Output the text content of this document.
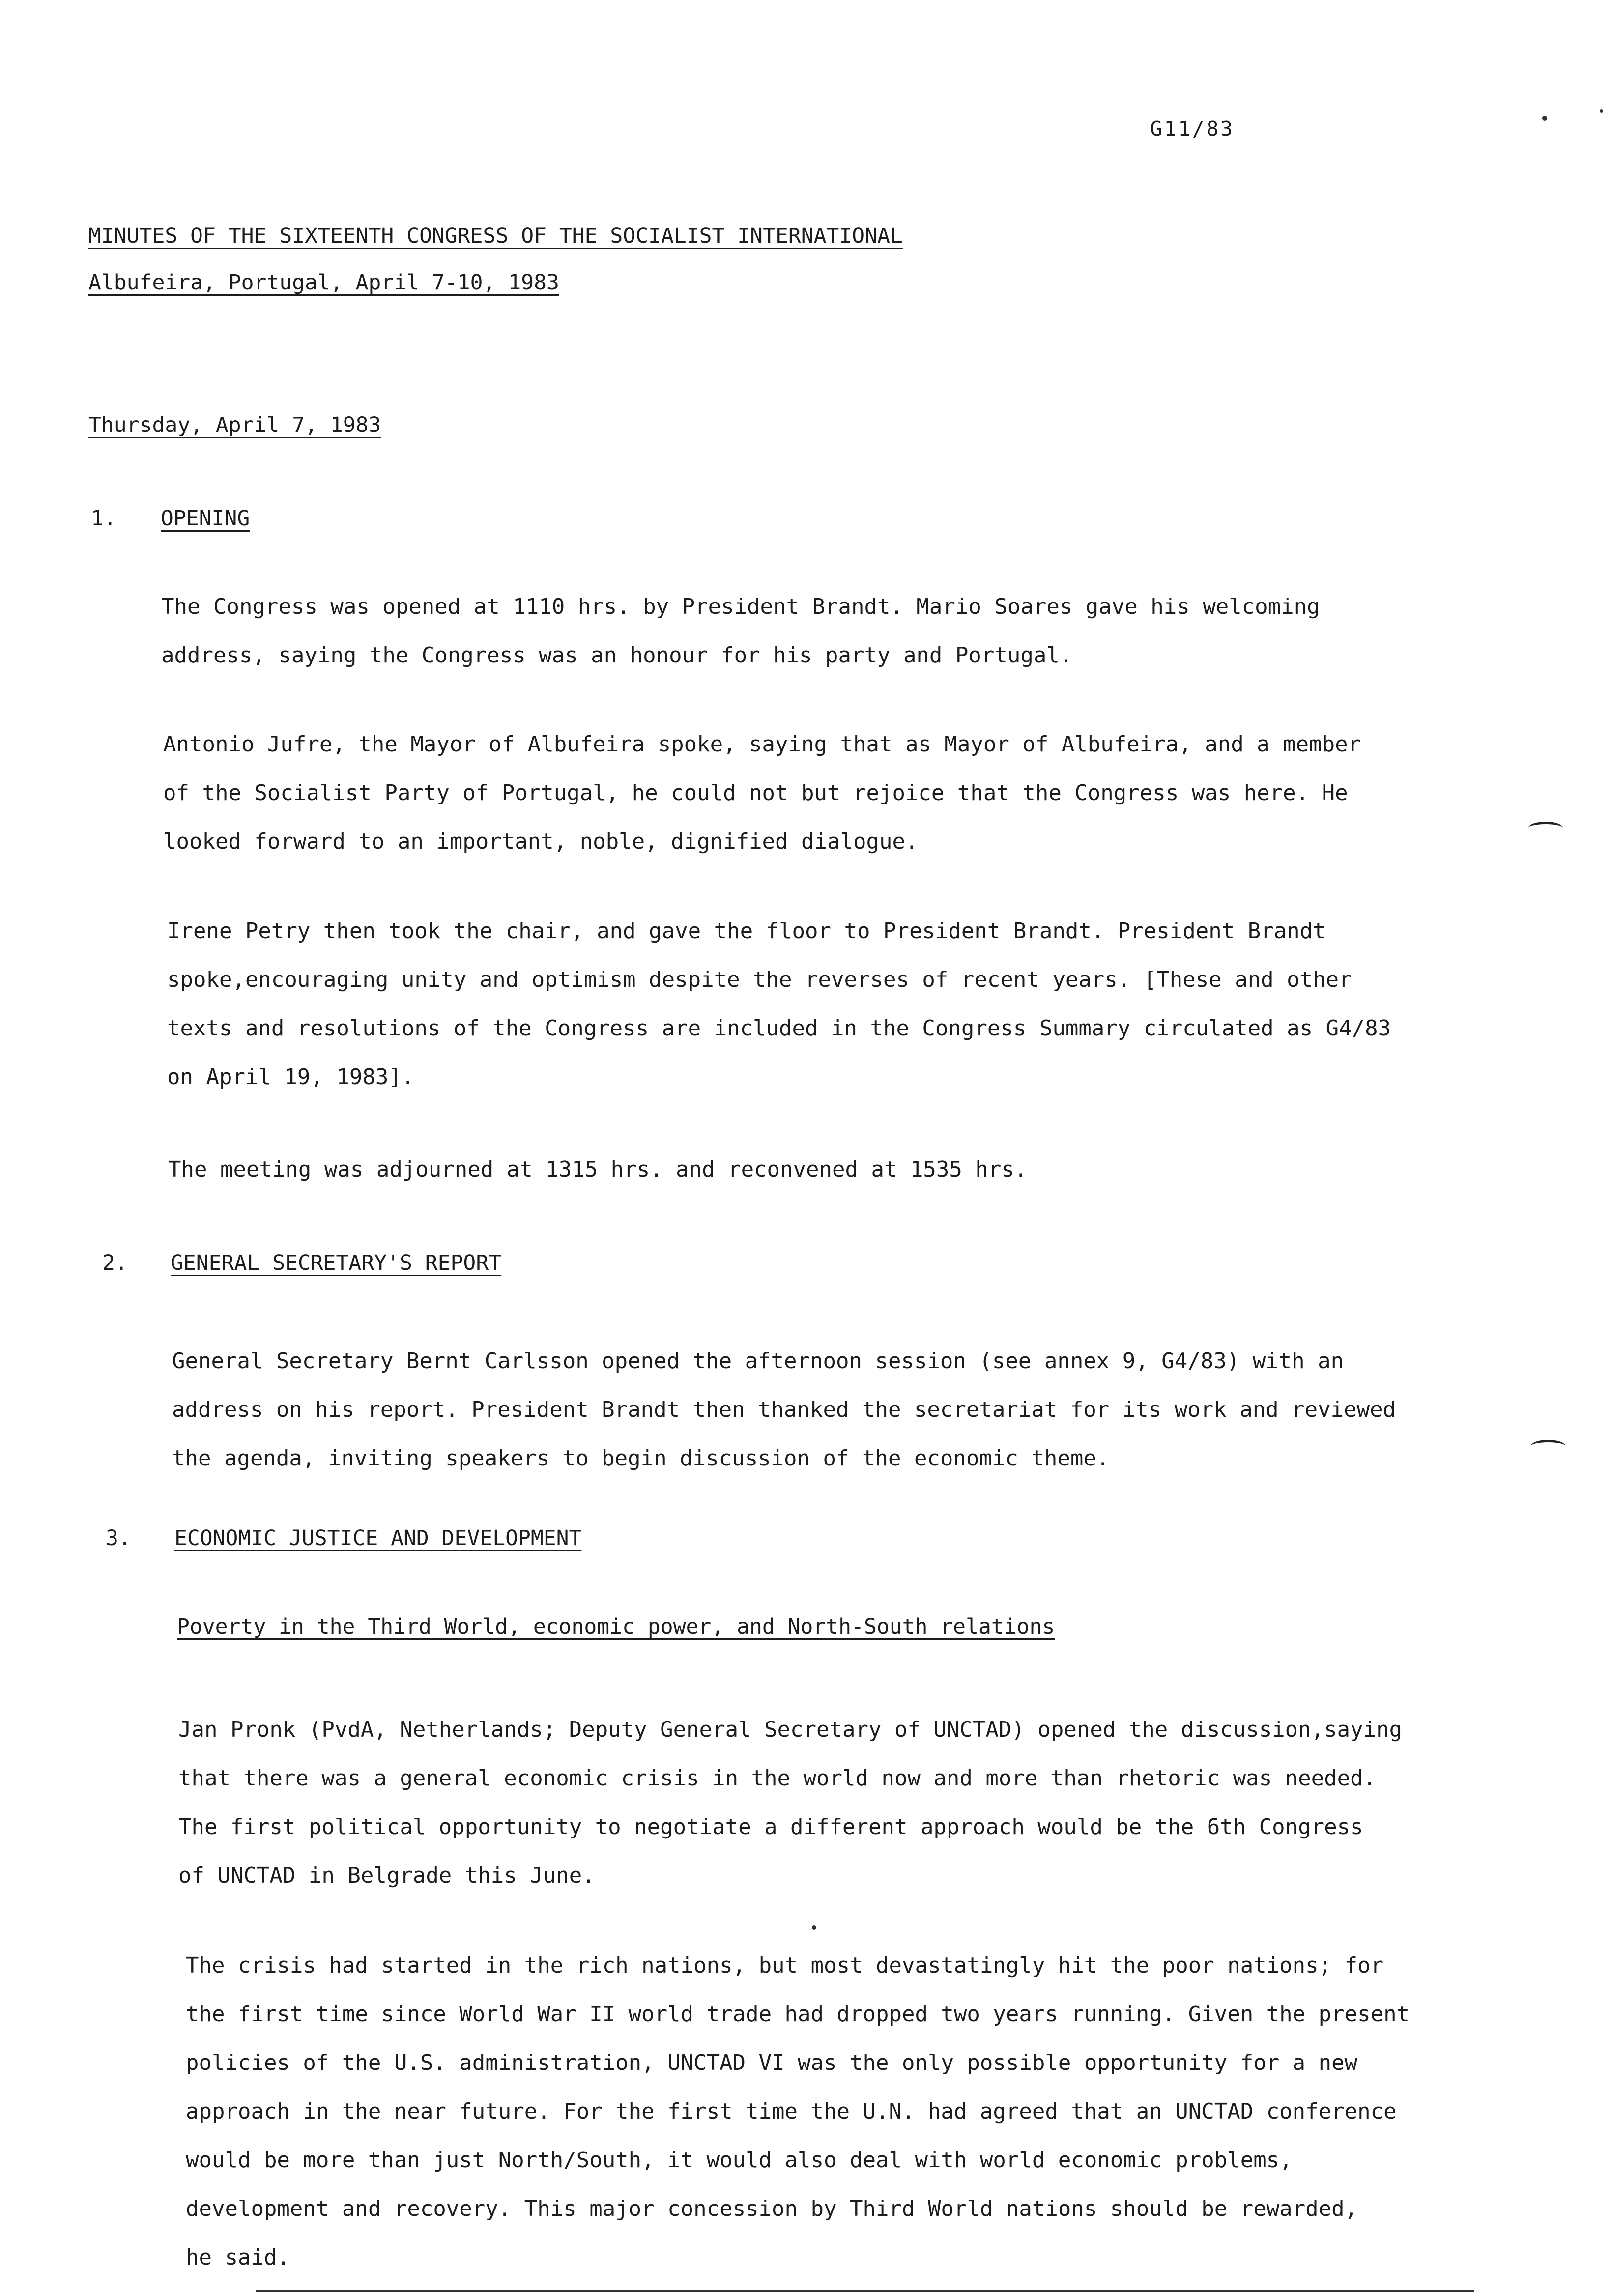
G11/83
MINUTES OF THE SIXTEENTH CONGRESS OF THE SOCIALIST INTERNATIONAL
Albufeira, Portugal, April 7-10, 1983
Thursday, April 7, 1983
1. OPENING
The Congress was opened at 1110 hrs. by President Brandt. Mario Soares gave his welcoming
address, saying the Congress was an honour for his party and Portugal.
Antonio Jufre, the Mayor of Albufeira spoke, saying that as Mayor of Albufeira, and a member
of the Socialist Party of Portugal, he could not but rejoice that the Congress was here. He
looked forward to an important, noble, dignified dialogue.
Irene Petry then took the chair, and gave the floor to President Brandt. President Brandt
spoke,encouraging unity and optimism despite the reverses of recent years. [These and other
texts and resolutions of the Congress are included in the Congress Summary circulated as G4/83
on April 19, 1983].
The meeting was adjourned at 1315 hrs. and reconvened at 1535 hrs.
2. GENERAL SECRETARY'S REPORT
General Secretary Bernt Carlsson opened the afternoon session (see annex 9, G4/83) with an
address on his report. President Brandt then thanked the secretariat for its work and reviewed
the agenda, inviting speakers to begin discussion of the economic theme.
3. ECONOMIC JUSTICE AND DEVELOPMENT
Poverty in the Third World, economic power, and North-South relations
Jan Pronk (PvdA, Netherlands; Deputy General Secretary of UNCTAD) opened the discussion,saying
that there was a general economic crisis in the world now and more than rhetoric was needed.
The first political opportunity to negotiate a different approach would be the 6th Congress
of UNCTAD in Belgrade this June.
The crisis had started in the rich nations, but most devastatingly hit the poor nations; for
the first time since World War II world trade had dropped two years running. Given the present
policies of the U.S. administration, UNCTAD VI was the only possible opportunity for a new
approach in the near future. For the first time the U.N. had agreed that an UNCTAD conference
would be more than just North/South, it would also deal with world economic problems,
development and recovery. This major concession by Third World nations should be rewarded,
he said.
